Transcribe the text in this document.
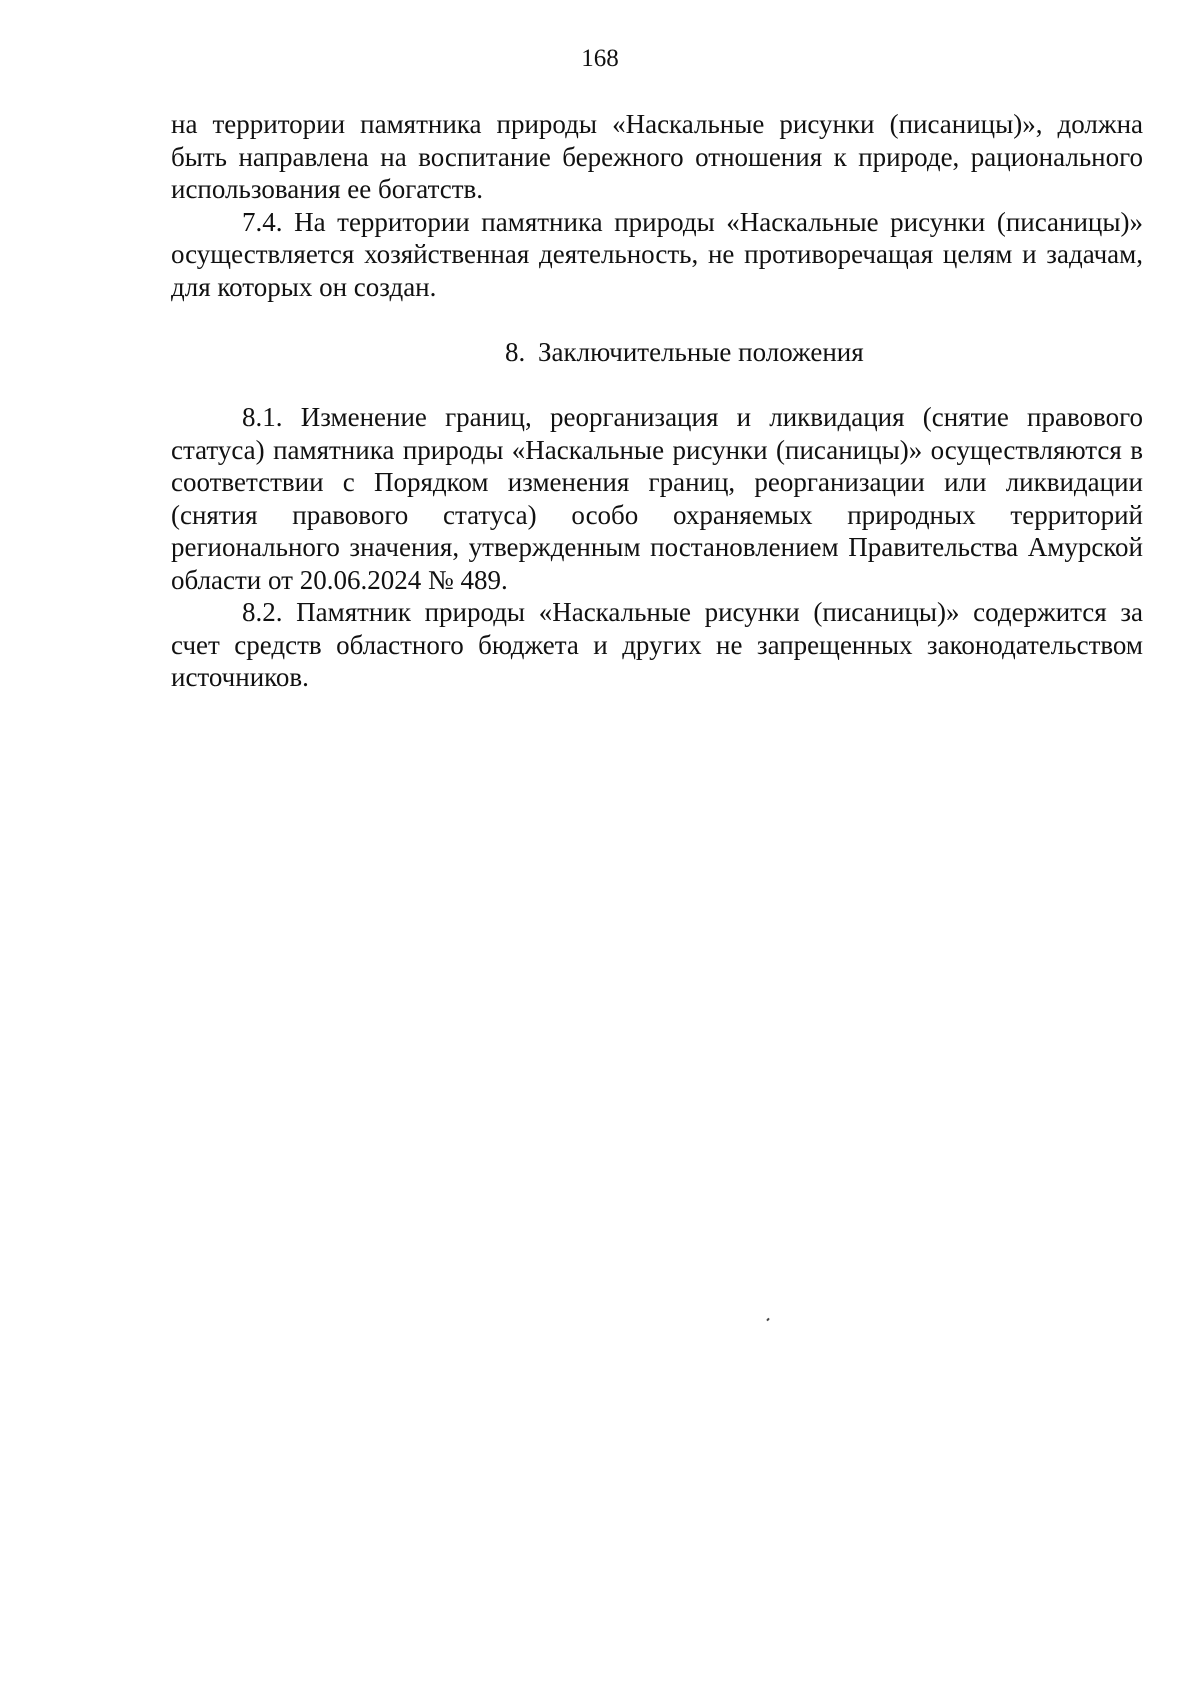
168

на территории памятника природы «Наскальные рисунки (писаницы)», должна быть направлена на воспитание бережного отношения к природе, рационального использования ее богатств.

7.4. На территории памятника природы «Наскальные рисунки (писаницы)» осуществляется хозяйственная деятельность, не противоречащая целям и задачам, для которых он создан.

8. Заключительные положения

8.1. Изменение границ, реорганизация и ликвидация (снятие правового статуса) памятника природы «Наскальные рисунки (писаницы)» осуществляются в соответствии с Порядком изменения границ, реорганизации или ликвидации (снятия правового статуса) особо охраняемых природных территорий регионального значения, утвержденным постановлением Правительства Амурской области от 20.06.2024 № 489.

8.2. Памятник природы «Наскальные рисунки (писаницы)» содержится за счет средств областного бюджета и других не запрещенных законодательством источников.
